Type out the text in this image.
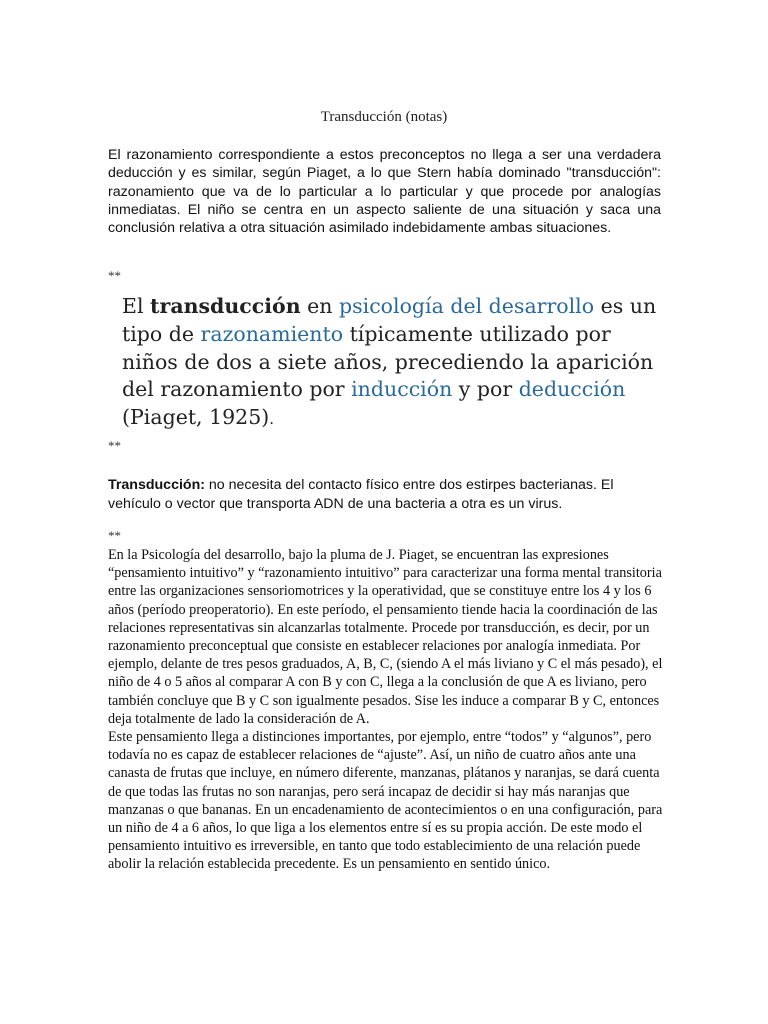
Transducción (notas)
El razonamiento correspondiente a estos preconceptos no llega a ser una verdadera deducción y es similar, según Piaget, a lo que Stern había dominado "transducción": razonamiento que va de lo particular a lo particular y que procede por analogías inmediatas. El niño se centra en un aspecto saliente de una situación y saca una conclusión relativa a otra situación asimilado indebidamente ambas situaciones.
**
El transducción en psicología del desarrollo es un tipo de razonamiento típicamente utilizado por niños de dos a siete años, precediendo la aparición del razonamiento por inducción y por deducción (Piaget, 1925).
**
Transducción: no necesita del contacto físico entre dos estirpes bacterianas. El vehículo o vector que transporta ADN de una bacteria a otra es un virus.
**
En la Psicología del desarrollo, bajo la pluma de J. Piaget, se encuentran las expresiones “pensamiento intuitivo” y “razonamiento intuitivo” para caracterizar una forma mental transitoria entre las organizaciones sensoriomotrices y la operatividad, que se constituye entre los 4 y los 6 años (período preoperatorio). En este período, el pensamiento tiende hacia la coordinación de las relaciones representativas sin alcanzarlas totalmente. Procede por transducción, es decir, por un razonamiento preconceptual que consiste en establecer relaciones por analogía inmediata. Por ejemplo, delante de tres pesos graduados, A, B, C, (siendo A el más liviano y C el más pesado), el niño de 4 o 5 años al comparar A con B y con C, llega a la conclusión de que A es liviano, pero también concluye que B y C son igualmente pesados. Sise les induce a comparar B y C, entonces deja totalmente de lado la consideración de A.
Este pensamiento llega a distinciones importantes, por ejemplo, entre “todos” y “algunos”, pero todavía no es capaz de establecer relaciones de “ajuste”. Así, un niño de cuatro años ante una canasta de frutas que incluye, en número diferente, manzanas, plátanos y naranjas, se dará cuenta de que todas las frutas no son naranjas, pero será incapaz de decidir si hay más naranjas que manzanas o que bananas. En un encadenamiento de acontecimientos o en una configuración, para un niño de 4 a 6 años, lo que liga a los elementos entre sí es su propia acción. De este modo el pensamiento intuitivo es irreversible, en tanto que todo establecimiento de una relación puede abolir la relación establecida precedente. Es un pensamiento en sentido único.
